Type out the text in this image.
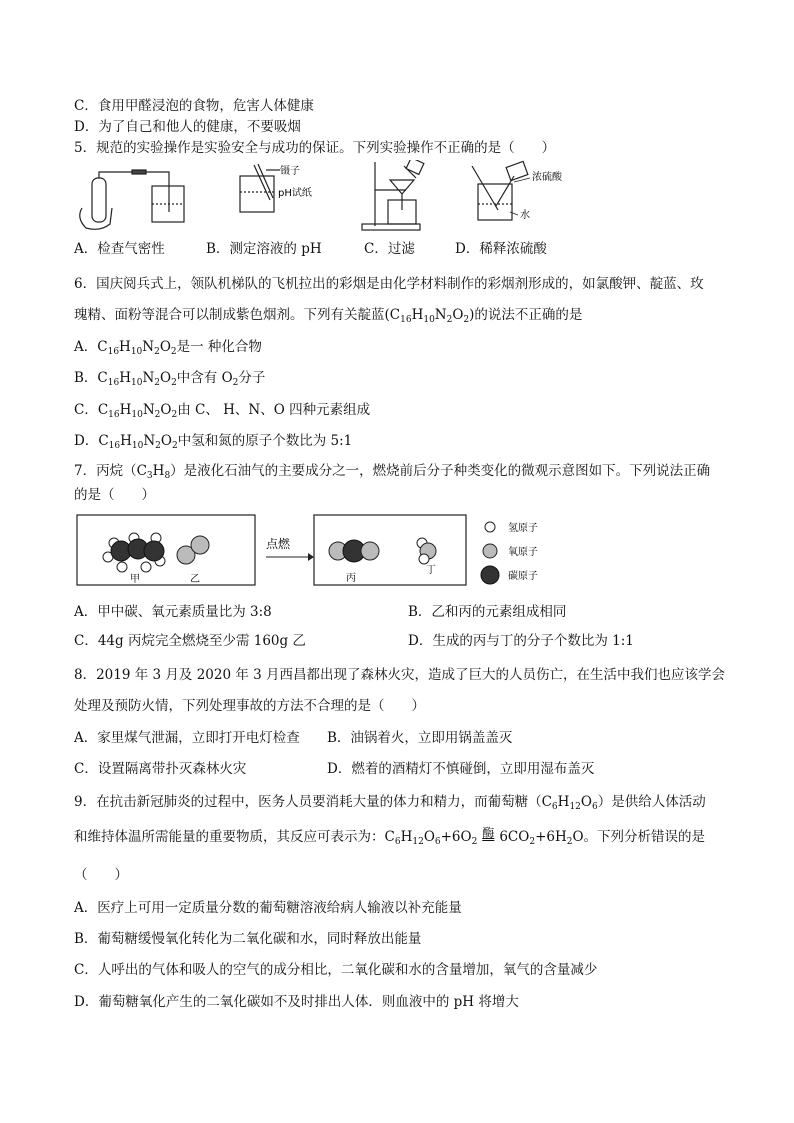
C．食用甲醛浸泡的食物，危害人体健康
D．为了自己和他人的健康，不要吸烟
5．规范的实验操作是实验安全与成功的保证。下列实验操作不正确的是（　　）
镊子
pH试纸
浓硫酸
水
A．检查气密性	B．测定溶液的 pH	C．过滤	D．稀释浓硫酸
6．国庆阅兵式上，领队机梯队的飞机拉出的彩烟是由化学材料制作的彩烟剂形成的，如氯酸钾、靛蓝、玫
瑰精、面粉等混合可以制成紫色烟剂。下列有关靛蓝$(C_{16}H_{10}N_2O_2)$的说法不正确的是
A．$C_{16}H_{10}N_2O_2$是一 种化合物
B．$C_{16}H_{10}N_2O_2$中含有 $O_2$分子
C．$C_{16}H_{10}N_2O_2$由 C、 H、N、O 四种元素组成
D．$C_{16}H_{10}N_2O_2$中氢和氮的原子个数比为 5:1
7．丙烷$(C_3H_8)$是液化石油气的主要成分之一，燃烧前后分子种类变化的微观示意图如下。下列说法正确
的是（　　）
甲	乙
点燃
丙
丁
氢原子
氧原子
碳原子
A．甲中碳、氧元素质量比为 3:8	B．乙和丙的元素组成相同
C．44g 丙烷完全燃烧至少需 160g 乙	D．生成的丙与丁的分子个数比为 1:1
8．2019 年 3 月及 2020 年 3 月西昌都出现了森林火灾，造成了巨大的人员伤亡，在生活中我们也应该学会
处理及预防火情，下列处理事故的方法不合理的是（　　）
A．家里煤气泄漏，立即打开电灯检查 B．油锅着火，立即用锅盖盖灭
C．设置隔离带扑灭森林火灾	D．燃着的酒精灯不慎碰倒，立即用湿布盖灭
9．在抗击新冠肺炎的过程中，医务人员要消耗大量的体力和精力，而葡萄糖$(C_6H_{12}O_6)$是供给人体活动
和维持体温所需能量的重要物质，其反应可表示为：$C_6H_{12}O_6+6O_2$酶 $6CO_2+6H_2O$。下列分析错误的是
（　　）
A．医疗上可用一定质量分数的葡萄糖溶液给病人输液以补充能量
B．葡萄糖缓慢氧化转化为二氧化碳和水，同时释放出能量
C．人呼出的气体和吸人的空气的成分相比，二氧化碳和水的含量增加，氧气的含量减少
D．葡萄糖氧化产生的二氧化碳如不及时排出人体．则血液中的 pH 将增大
